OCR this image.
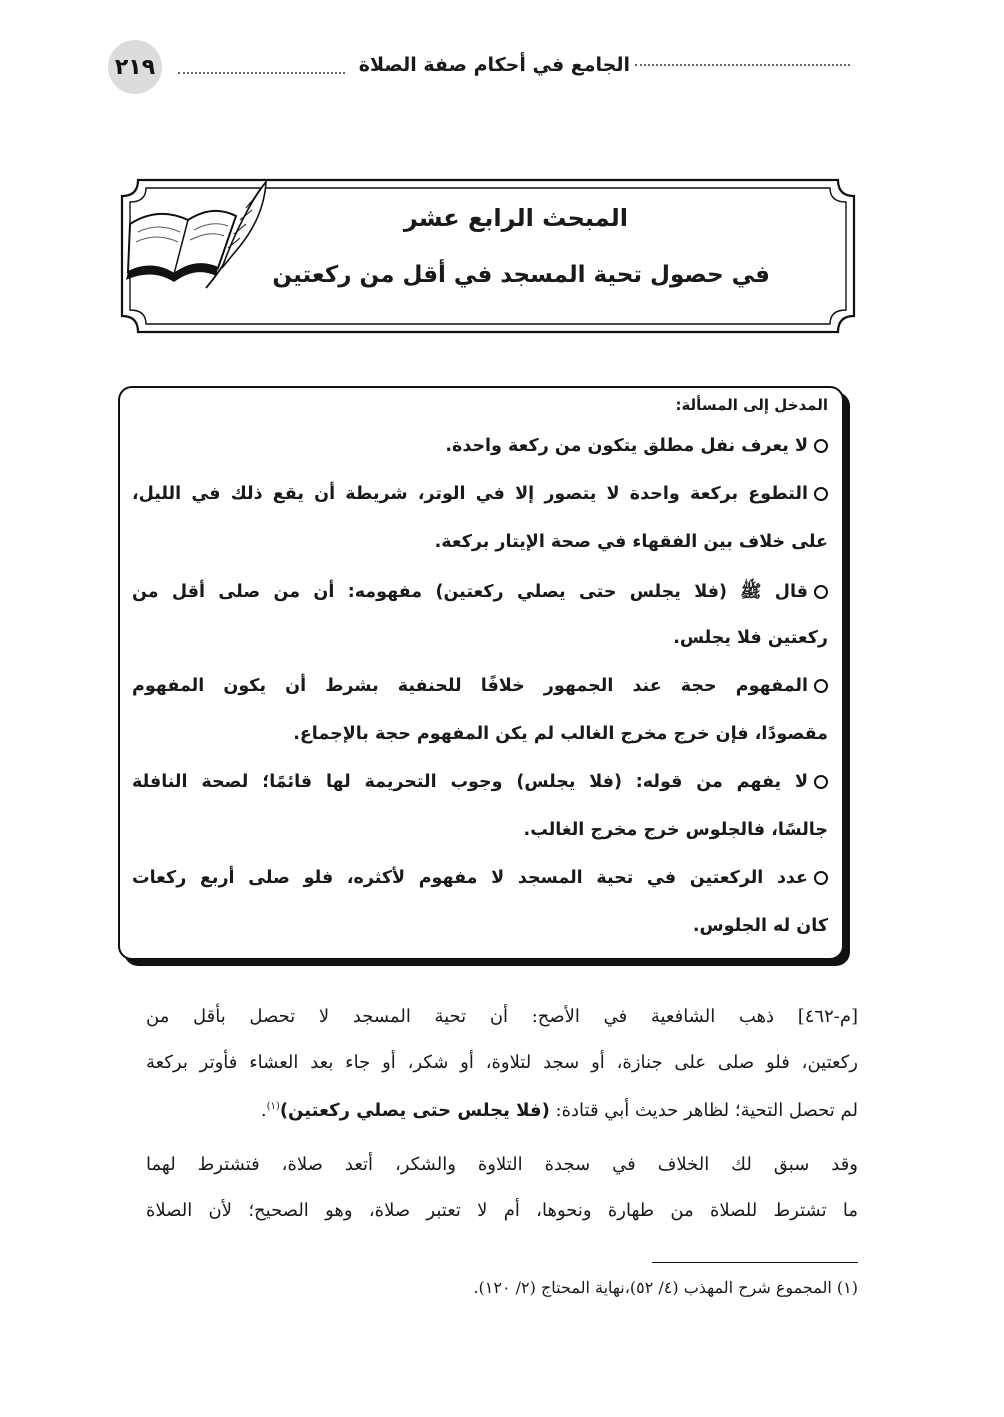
٢١٩	الجامع في أحكام صفة الصلاة
المبحث الرابع عشر
في حصول تحية المسجد في أقل من ركعتين
المدخل إلى المسألة:
لا يعرف نفل مطلق يتكون من ركعة واحدة.
التطوع بركعة واحدة لا يتصور إلا في الوتر، شريطة أن يقع ذلك في الليل،
على خلاف بين الفقهاء في صحة الإيتار بركعة.
قال ﷺ (فلا يجلس حتى يصلي ركعتين) مفهومه: أن من صلى أقل من
ركعتين فلا يجلس.
المفهوم حجة عند الجمهور خلافًا للحنفية بشرط أن يكون المفهوم
مقصودًا، فإن خرج مخرج الغالب لم يكن المفهوم حجة بالإجماع.
لا يفهم من قوله: (فلا يجلس) وجوب التحريمة لها قائمًا؛ لصحة النافلة
جالسًا، فالجلوس خرج مخرج الغالب.
عدد الركعتين في تحية المسجد لا مفهوم لأكثره، فلو صلى أربع ركعات
كان له الجلوس.
[م-٤٦٢] ذهب الشافعية في الأصح: أن تحية المسجد لا تحصل بأقل من
ركعتين، فلو صلى على جنازة، أو سجد لتلاوة، أو شكر، أو جاء بعد العشاء فأوتر بركعة
لم تحصل التحية؛ لظاهر حديث أبي قتادة: (فلا يجلس حتى يصلي ركعتين)$^{(١)}$.
وقد سبق لك الخلاف في سجدة التلاوة والشكر، أتعد صلاة، فتشترط لهما
ما تشترط للصلاة من طهارة ونحوها، أم لا تعتبر صلاة، وهو الصحيح؛ لأن الصلاة
(١) المجموع شرح المهذب (٤/ ٥٢)،نهاية المحتاج (٢/ ١٢٠).
